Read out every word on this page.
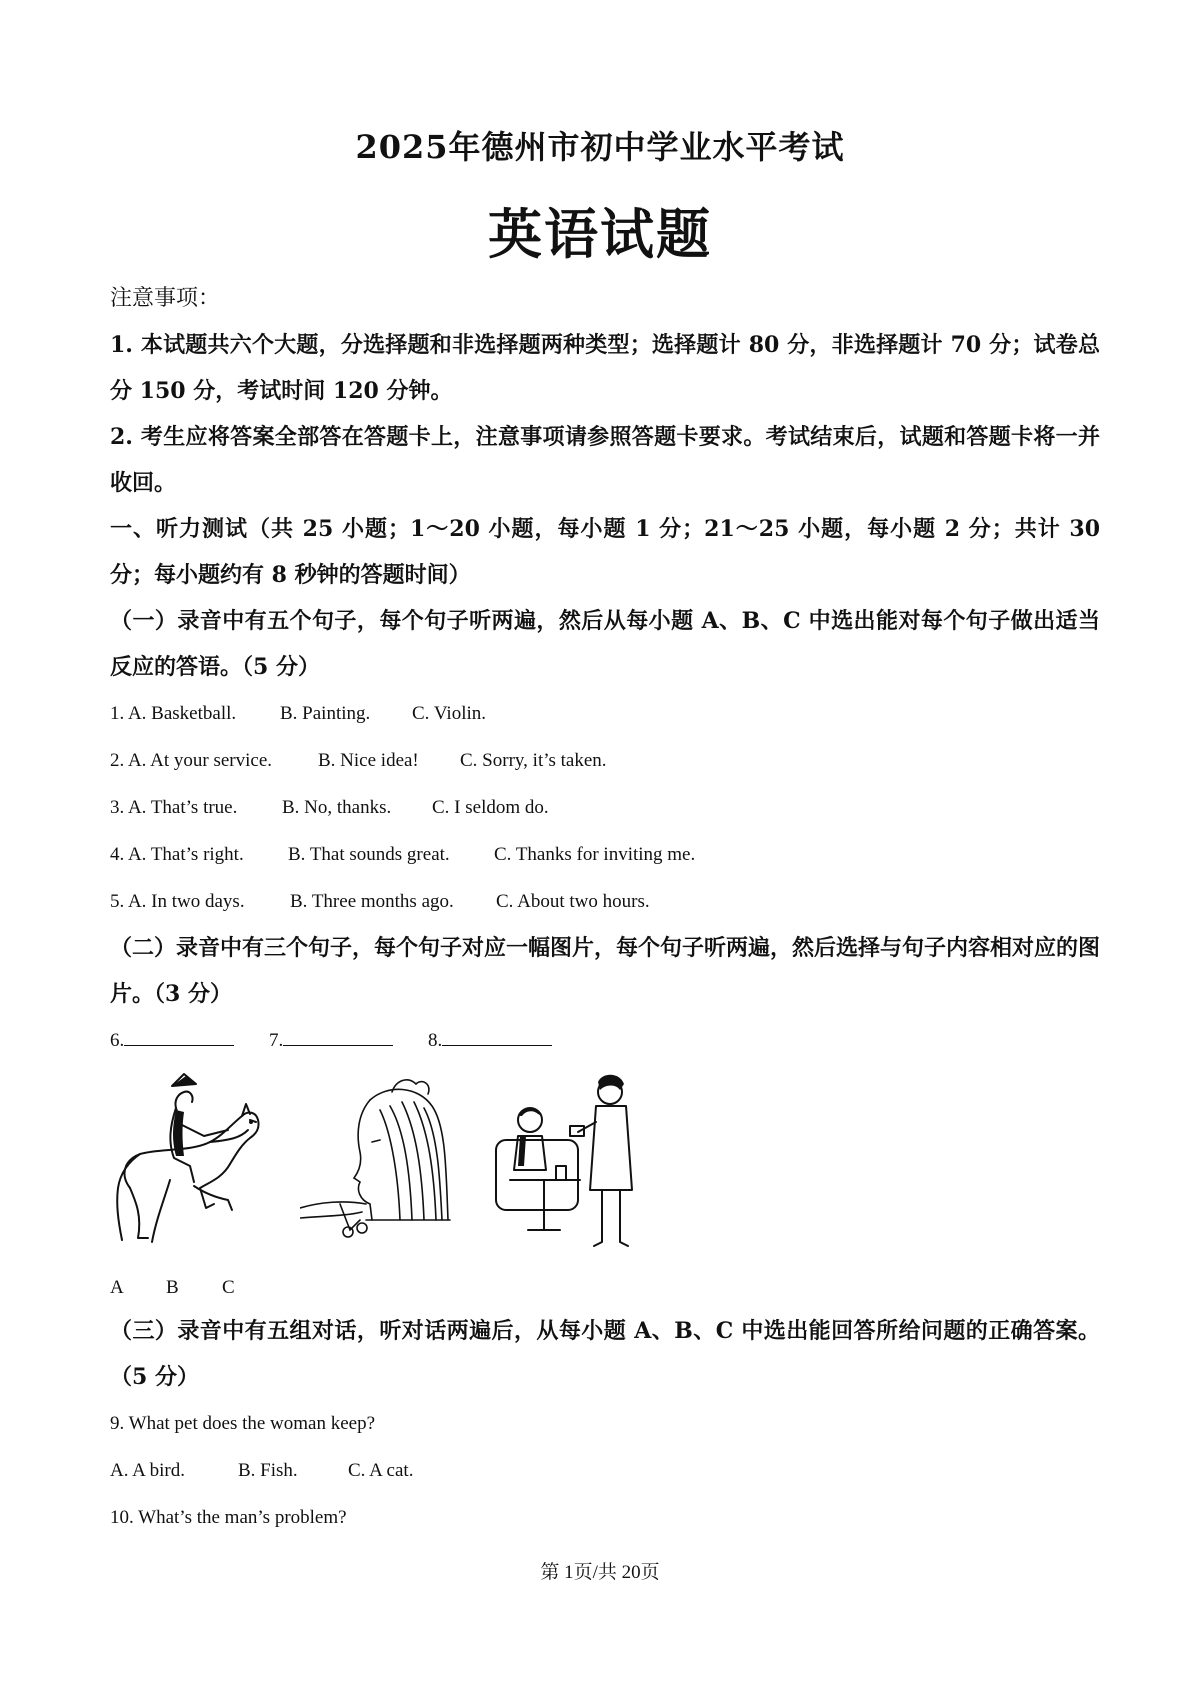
2025年德州市初中学业水平考试
英语试题
注意事项：
1. 本试题共六个大题，分选择题和非选择题两种类型；选择题计 80 分，非选择题计 70 分；试卷总分 150 分，考试时间 120 分钟。
2. 考生应将答案全部答在答题卡上，注意事项请参照答题卡要求。考试结束后，试题和答题卡将一并收回。
一、听力测试（共 25 小题；1～20 小题，每小题 1 分；21～25 小题，每小题 2 分；共计 30 分；每小题约有 8 秒钟的答题时间）
（一）录音中有五个句子，每个句子听两遍，然后从每小题 A、B、C 中选出能对每个句子做出适当反应的答语。（5 分）
1. A. Basketball. B. Painting. C. Violin.
2. A. At your service. B. Nice idea! C. Sorry, it’s taken.
3. A. That’s true. B. No, thanks. C. I seldom do.
4. A. That’s right. B. That sounds great. C. Thanks for inviting me.
5. A. In two days. B. Three months ago. C. About two hours.
（二）录音中有三个句子，每个句子对应一幅图片，每个句子听两遍，然后选择与句子内容相对应的图片。（3 分）
6.	7.	8.
A B C
（三）录音中有五组对话，听对话两遍后，从每小题 A、B、C 中选出能回答所给问题的正确答案。（5 分）
9. What pet does the woman keep?
A. A bird.	B. Fish.	C. A cat.
10. What’s the man’s problem?
第 1页/共 20页
